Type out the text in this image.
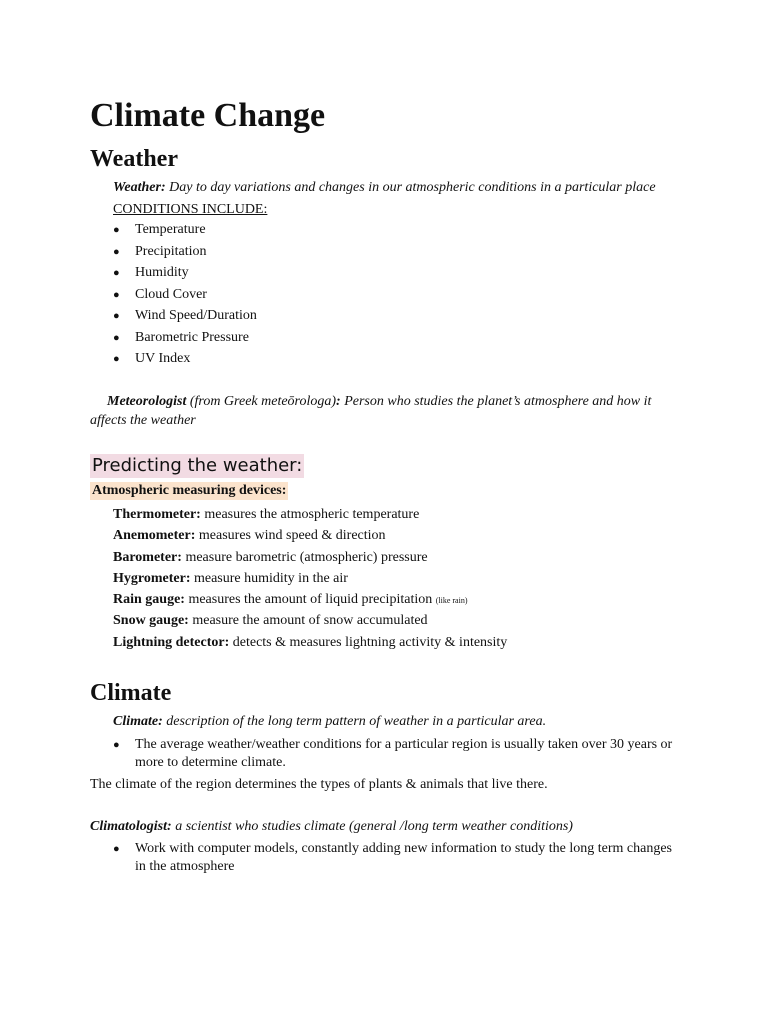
Climate Change
Weather
Weather: Day to day variations and changes in our atmospheric conditions in a particular place
CONDITIONS INCLUDE:
●	Temperature
●	Precipitation
●	Humidity
●	Cloud Cover
●	Wind Speed/Duration
●	Barometric Pressure
●	UV Index
Meteorologist (from Greek meteōrologa): Person who studies the planet’s atmosphere and how it
affects the weather
Predicting the weather:
Atmospheric measuring devices:
Thermometer: measures the atmospheric temperature
Anemometer: measures wind speed & direction
Barometer: measure barometric (atmospheric) pressure
Hygrometer: measure humidity in the air
Rain gauge: measures the amount of liquid precipitation (like rain)
Snow gauge: measure the amount of snow accumulated
Lightning detector: detects & measures lightning activity & intensity
Climate
Climate: description of the long term pattern of weather in a particular area.
●	The average weather/weather conditions for a particular region is usually taken over 30 years or
more to determine climate.
The climate of the region determines the types of plants & animals that live there.
Climatologist: a scientist who studies climate (general /long term weather conditions)
●	Work with computer models, constantly adding new information to study the long term changes
in the atmosphere
